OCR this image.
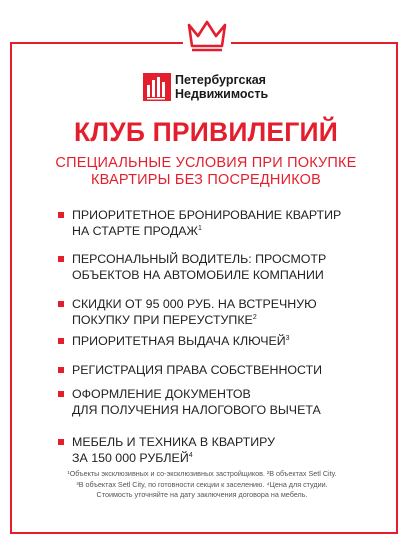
Петербургская
Недвижимость
КЛУБ ПРИВИЛЕГИЙ
СПЕЦИАЛЬНЫЕ УСЛОВИЯ ПРИ ПОКУПКЕ
КВАРТИРЫ БЕЗ ПОСРЕДНИКОВ
ПРИОРИТЕТНОЕ БРОНИРОВАНИЕ КВАРТИР
НА СТАРТЕ ПРОДАЖ$^1$
ПЕРСОНАЛЬНЫЙ ВОДИТЕЛЬ: ПРОСМОТР
ОБЪЕКТОВ НА АВТОМОБИЛЕ КОМПАНИИ
СКИДКИ ОТ 95 000 РУБ. НА ВСТРЕЧНУЮ
ПОКУПКУ ПРИ ПЕРЕУСТУПКЕ$^2$
ПРИОРИТЕТНАЯ ВЫДАЧА КЛЮЧЕЙ$^3$
РЕГИСТРАЦИЯ ПРАВА СОБСТВЕННОСТИ
ОФОРМЛЕНИЕ ДОКУМЕНТОВ
ДЛЯ ПОЛУЧЕНИЯ НАЛОГОВОГО ВЫЧЕТА
МЕБЕЛЬ И ТЕХНИКА В КВАРТИРУ
ЗА 150 000 РУБЛЕЙ$^4$
¹Объекты эксклюзивных и со-эксклюзивных застройщиков. ²В объектах Setl City.
³В объектах Setl City, по готовности секции к заселению. ⁴Цена для студии.
Стоимость уточняйте на дату заключения договора на мебель.
